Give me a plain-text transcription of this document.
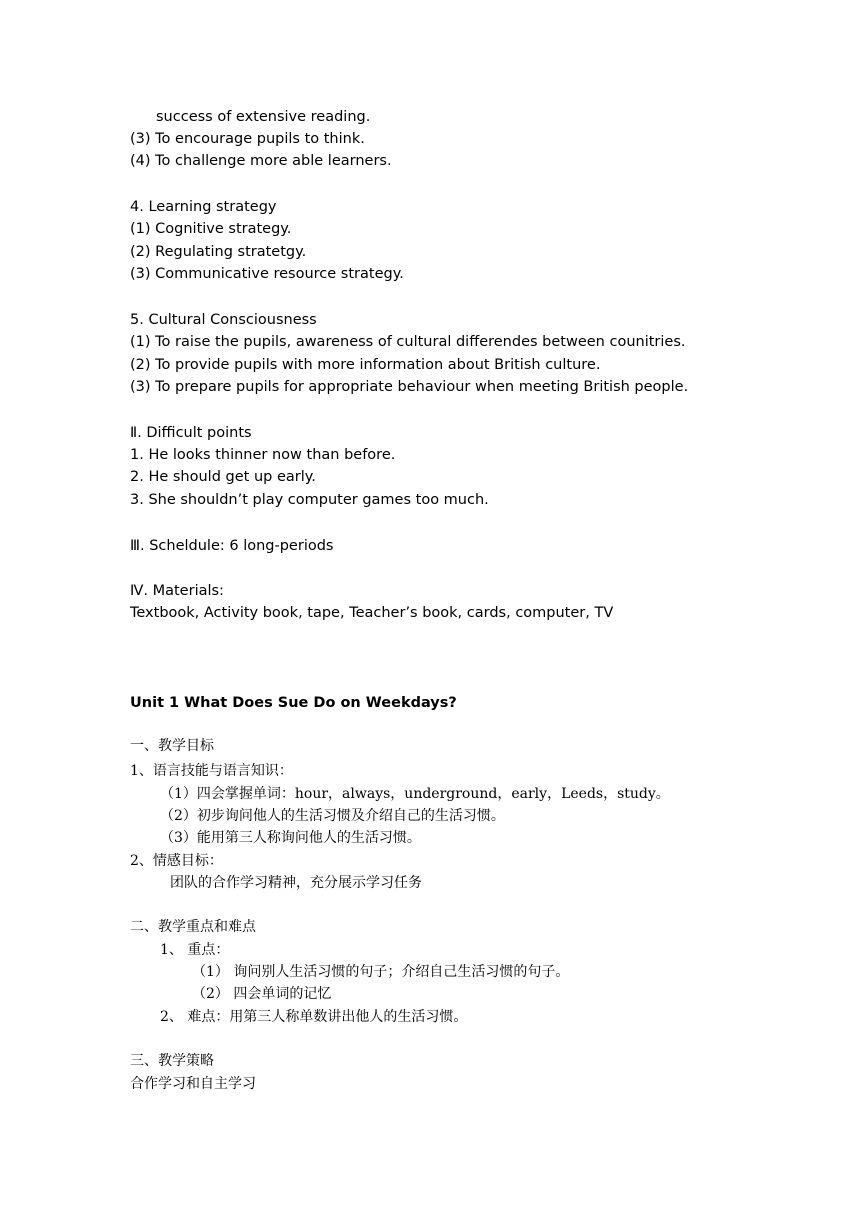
success of extensive reading.
(3) To encourage pupils to think.
(4) To challenge more able learners.
4. Learning strategy
(1) Cognitive strategy.
(2) Regulating stratetgy.
(3) Communicative resource strategy.
5. Cultural Consciousness
(1) To raise the pupils, awareness of cultural differendes between counitries.
(2) To provide pupils with more information about British culture.
(3) To prepare pupils for appropriate behaviour when meeting British people.
Ⅱ. Difficult points
1. He looks thinner now than before.
2. He should get up early.
3. She shouldn’t play computer games too much.
Ⅲ. Scheldule: 6 long-periods
Ⅳ. Materials:
Textbook, Activity book, tape, Teacher’s book, cards, computer, TV
Unit 1 What Does Sue Do on Weekdays?
一、教学目标
1、语言技能与语言知识：
（1）四会掌握单词：hour，always，underground，early，Leeds，study。
（2）初步询问他人的生活习惯及介绍自己的生活习惯。
（3）能用第三人称询问他人的生活习惯。
2、情感目标：
团队的合作学习精神，充分展示学习任务
二、教学重点和难点
1、 重点：
（1） 询问别人生活习惯的句子；介绍自己生活习惯的句子。
（2） 四会单词的记忆
2、 难点：用第三人称单数讲出他人的生活习惯。
三、教学策略
合作学习和自主学习
